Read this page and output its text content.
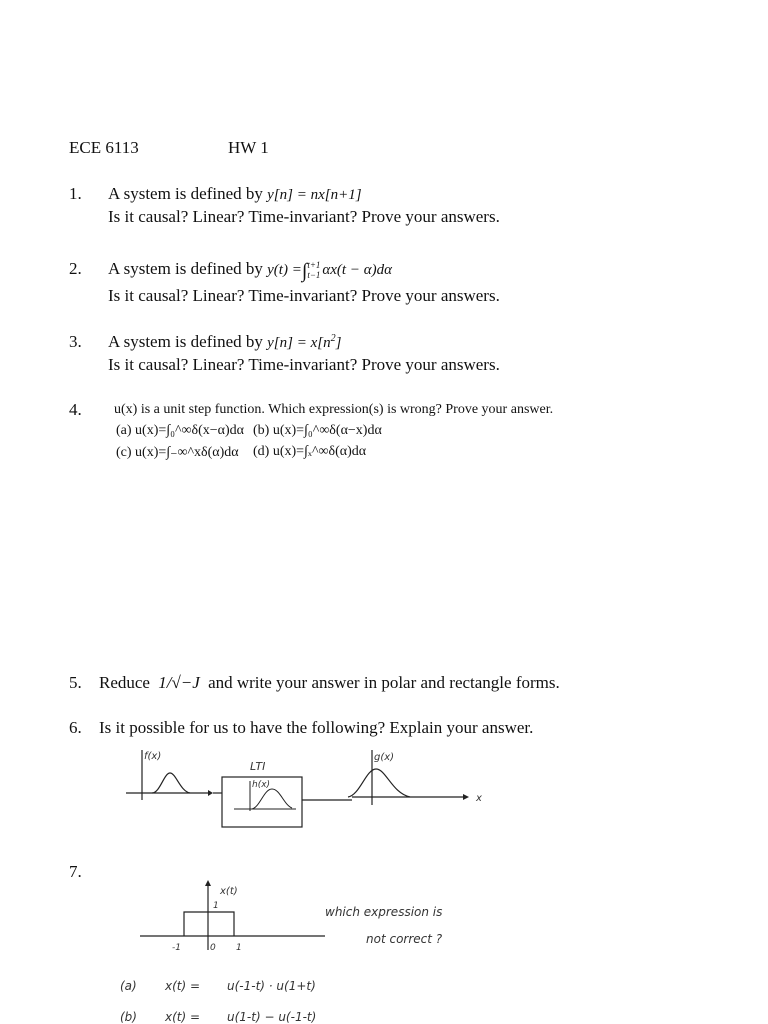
ECE 6113	HW 1
1. A system is defined by y[n] = nx[n+1]
Is it causal? Linear? Time-invariant? Prove your answers.
2. A system is defined by y(t) =∫ t+1
t−1 αx(t − α)dα
Is it causal? Linear? Time-invariant? Prove your answers.
3. A system is defined by $y[n] = x[n^2]$
Is it causal? Linear? Time-invariant? Prove your answers.
4. u(x) is a unit step function. Which expression(s) is wrong? Prove your answer.
(a) u(x)=∫₀^∞δ(x−α)dα (b) u(x)=∫₀^∞δ(α−x)dα
(c) u(x)=∫₋∞^xδ(α)dα (d) u(x)=∫ₓ^∞δ(α)dα
5. Reduce 1/√−J and write your answer in polar and rectangle forms.
6. Is it possible for us to have the following? Explain your answer.
f(x)
LTI
h(x)
g(x)
x
7.
x(t)
1
-1	0 1
which expression is
not correct ?
(a) x(t) = u(-1-t) · u(1+t)
(b) x(t) = u(1-t) − u(-1-t)
